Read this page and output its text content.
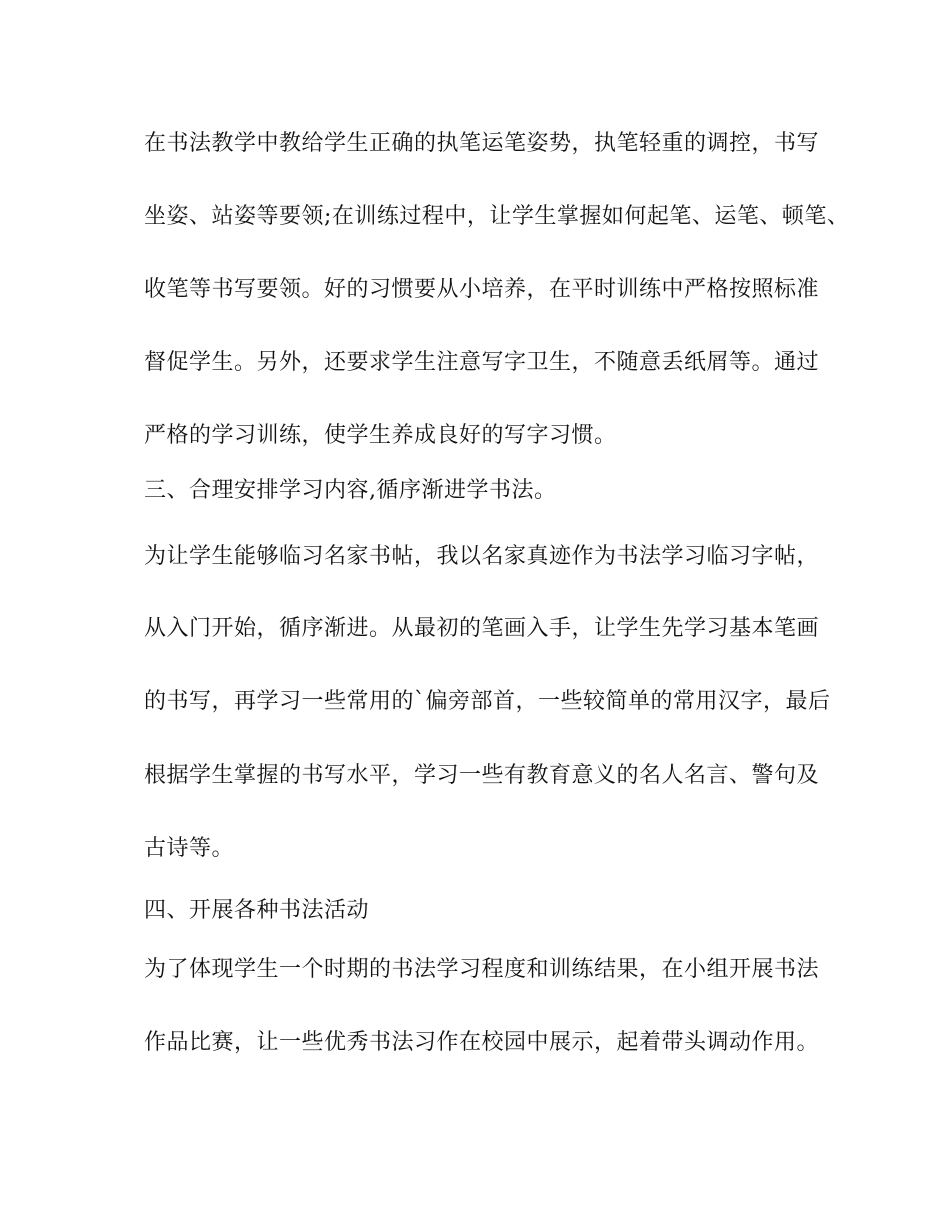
在书法教学中教给学生正确的执笔运笔姿势，执笔轻重的调控，书写
坐姿、站姿等要领;在训练过程中，让学生掌握如何起笔、运笔、顿笔、
收笔等书写要领。好的习惯要从小培养，在平时训练中严格按照标准
督促学生。另外，还要求学生注意写字卫生，不随意丢纸屑等。通过
严格的学习训练，使学生养成良好的写字习惯。
三、合理安排学习内容,循序渐进学书法。
为让学生能够临习名家书帖，我以名家真迹作为书法学习临习字帖，
从入门开始，循序渐进。从最初的笔画入手，让学生先学习基本笔画
的书写，再学习一些常用的`偏旁部首，一些较简单的常用汉字，最后
根据学生掌握的书写水平，学习一些有教育意义的名人名言、警句及
古诗等。
四、开展各种书法活动
为了体现学生一个时期的书法学习程度和训练结果，在小组开展书法
作品比赛，让一些优秀书法习作在校园中展示，起着带头调动作用。
